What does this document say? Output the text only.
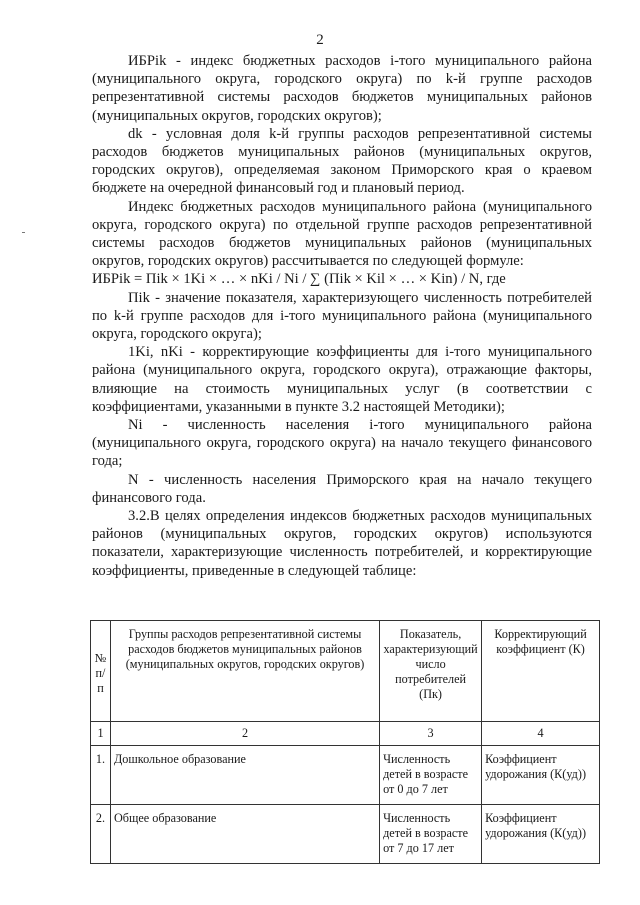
2

ИБРik - индекс бюджетных расходов i-того муниципального района (муниципального округа, городского округа) по k-й группе расходов репрезентативной системы расходов бюджетов муниципальных районов (муниципальных округов, городских округов);

dk - условная доля k-й группы расходов репрезентативной системы расходов бюджетов муниципальных районов (муниципальных округов, городских округов), определяемая законом Приморского края о краевом бюджете на очередной финансовый год и плановый период.

Индекс бюджетных расходов муниципального района (муниципального округа, городского округа) по отдельной группе расходов репрезентативной системы расходов бюджетов муниципальных районов (муниципальных округов, городских округов) рассчитывается по следующей формуле:

ИБРik = Пik × 1Ki × … × nKi / Ni / ∑ (Пik × Kil × … × Kin) / N, где

Пik - значение показателя, характеризующего численность потребителей по k-й группе расходов для i-того муниципального района (муниципального округа, городского округа);

1Ki, nKi - корректирующие коэффициенты для i-того муниципального района (муниципального округа, городского округа), отражающие факторы, влияющие на стоимость муниципальных услуг (в соответствии с коэффициентами, указанными в пункте 3.2 настоящей Методики);

Ni - численность населения i-того муниципального района (муниципального округа, городского округа) на начало текущего финансового года;

N - численность населения Приморского края на начало текущего финансового года.

3.2.В целях определения индексов бюджетных расходов муниципальных районов (муниципальных округов, городских округов) используются показатели, характеризующие численность потребителей, и корректирующие коэффициенты, приведенные в следующей таблице:

№ п/п	Группы расходов репрезентативной системы расходов бюджетов муниципальных районов (муниципальных округов, городских округов)	Показатель, характеризующий число потребителей (Пк)	Корректирующий коэффициент (К)
1	2	3	4
1.	Дошкольное образование	Численность детей в возрасте от 0 до 7 лет	Коэффициент удорожания (К(уд))
2.	Общее образование	Численность детей в возрасте от 7 до 17 лет	Коэффициент удорожания (К(уд))
